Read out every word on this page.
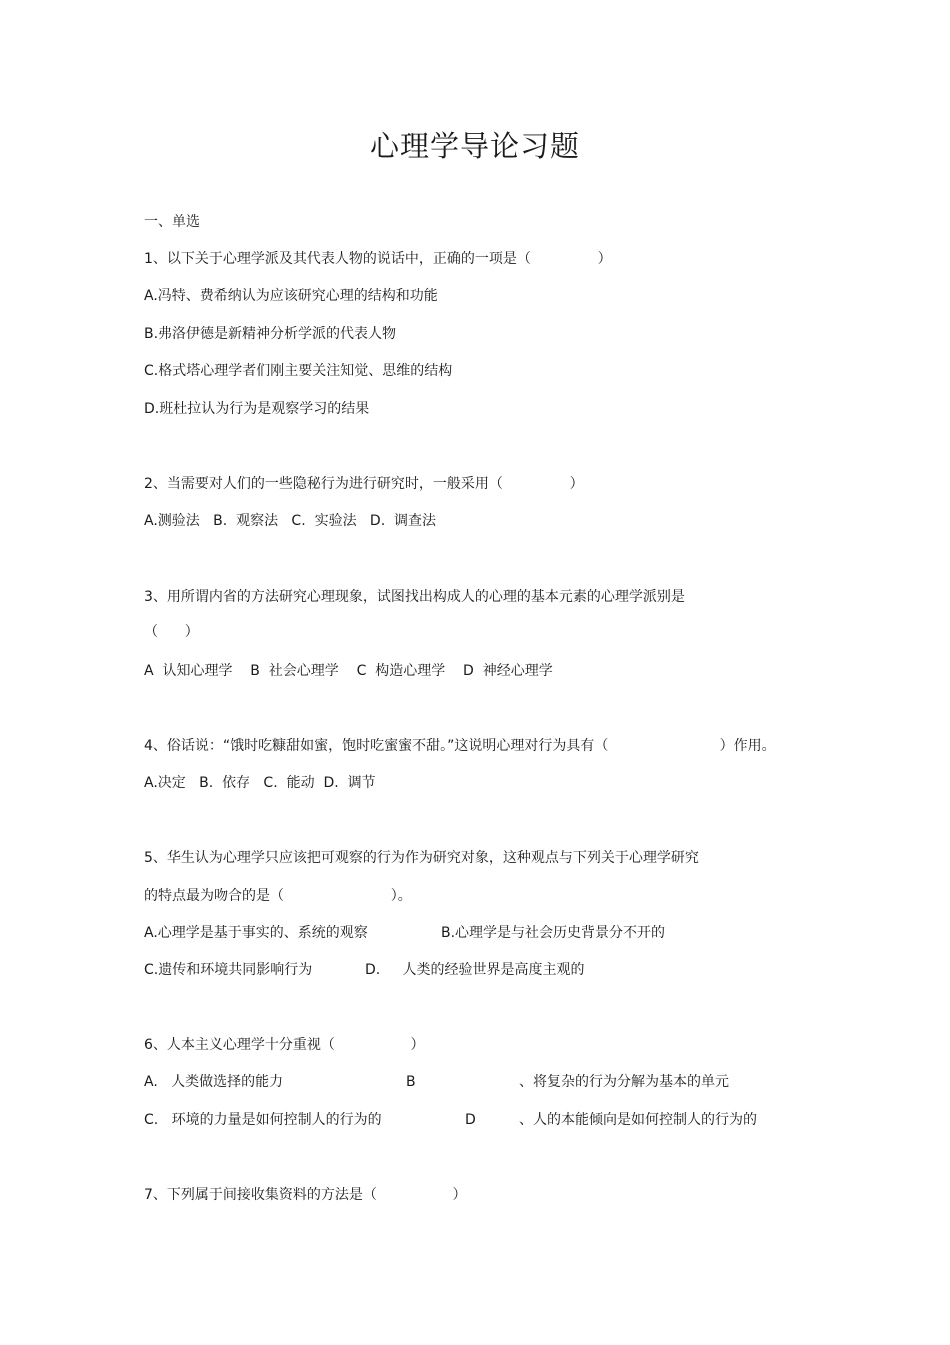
心理学导论习题
一、单选
1、以下关于心理学派及其代表人物的说话中，正确的一项是（               ）
A.冯特、费希纳认为应该研究心理的结构和功能
B.弗洛伊德是新精神分析学派的代表人物
C.格式塔心理学者们刚主要关注知觉、思维的结构
D.班杜拉认为行为是观察学习的结果
2、当需要对人们的一些隐秘行为进行研究时，一般采用（               ）
A.测验法   B.  观察法   C.  实验法   D.  调查法
3、用所谓内省的方法研究心理现象，试图找出构成人的心理的基本元素的心理学派别是
（      ）
A  认知心理学    B  社会心理学    C  构造心理学    D  神经心理学
4、俗话说：“饿时吃糠甜如蜜，饱时吃蜜蜜不甜。”这说明心理对行为具有（                         ）作用。
A.决定   B.  依存   C.  能动  D.  调节
5、华生认为心理学只应该把可观察的行为作为研究对象，这种观点与下列关于心理学研究
的特点最为吻合的是（                        ）。
A.心理学是基于事实的、系统的观察	B.心理学是与社会历史背景分不开的
C.遗传和环境共同影响行为	D.     人类的经验世界是高度主观的
6、人本主义心理学十分重视（                 ）
A.   人类做选择的能力	B	、将复杂的行为分解为基本的单元
C.   环境的力量是如何控制人的行为的	D	、人的本能倾向是如何控制人的行为的
7、下列属于间接收集资料的方法是（                 ）
